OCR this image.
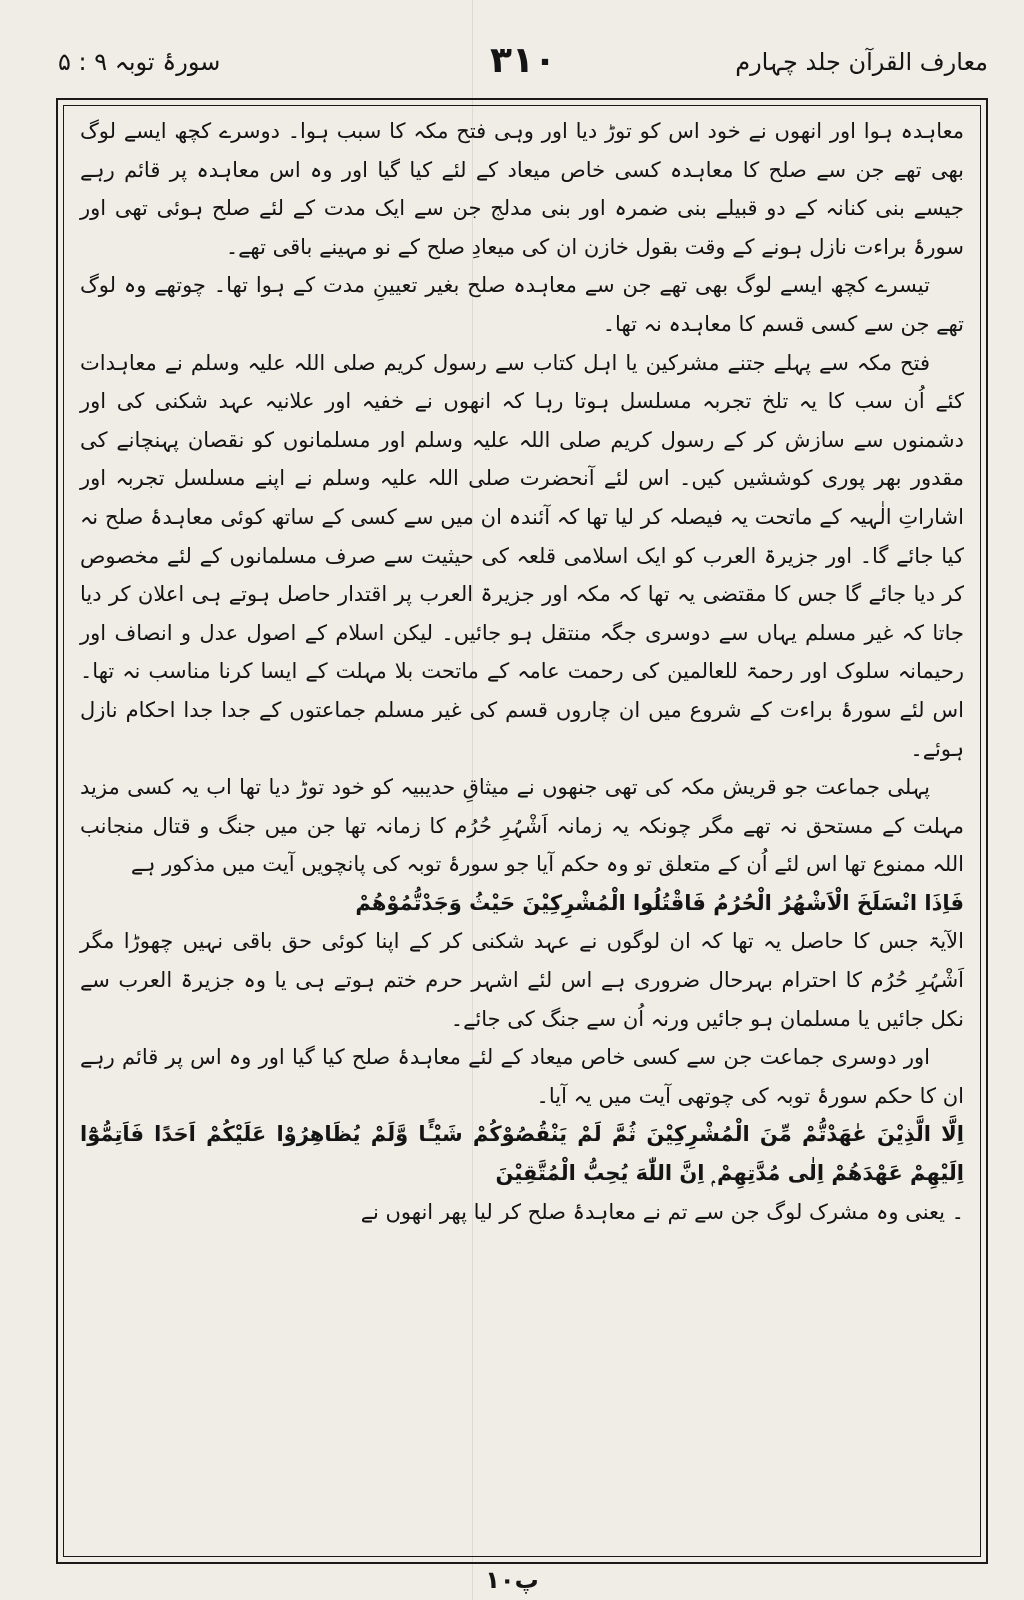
معارف القرآن جلد چہارم
۳۱۰
سورۂ توبہ ۹ : ۵

معاہدہ ہوا اور انھوں نے خود اس کو توڑ دیا اور وہی فتح مکہ کا سبب ہوا۔ دوسرے کچھ ایسے لوگ بھی تھے جن سے صلح کا معاہدہ کسی خاص میعاد کے لئے کیا گیا اور وہ اس معاہدہ پر قائم رہے جیسے بنی کنانہ کے دو قبیلے بنی ضمرہ اور بنی مدلج جن سے ایک مدت کے لئے صلح ہوئی تھی اور سورۂ براءت نازل ہونے کے وقت بقول خازن ان کی میعادِ صلح کے نو مہینے باقی تھے۔

تیسرے کچھ ایسے لوگ بھی تھے جن سے معاہدہ صلح بغیر تعیینِ مدت کے ہوا تھا۔ چوتھے وہ لوگ تھے جن سے کسی قسم کا معاہدہ نہ تھا۔

فتح مکہ سے پہلے جتنے مشرکین یا اہل کتاب سے رسول کریم صلی اللہ علیہ وسلم نے معاہدات کئے اُن سب کا یہ تلخ تجربہ مسلسل ہوتا رہا کہ انھوں نے خفیہ اور علانیہ عہد شکنی کی اور دشمنوں سے سازش کر کے رسول کریم صلی اللہ علیہ وسلم اور مسلمانوں کو نقصان پہنچانے کی مقدور بھر پوری کوششیں کیں۔ اس لئے آنحضرت صلی اللہ علیہ وسلم نے اپنے مسلسل تجربہ اور اشاراتِ الٰہیہ کے ماتحت یہ فیصلہ کر لیا تھا کہ آئندہ ان میں سے کسی کے ساتھ کوئی معاہدۂ صلح نہ کیا جائے گا۔ اور جزیرۃ العرب کو ایک اسلامی قلعہ کی حیثیت سے صرف مسلمانوں کے لئے مخصوص کر دیا جائے گا جس کا مقتضی یہ تھا کہ مکہ اور جزیرۃ العرب پر اقتدار حاصل ہوتے ہی اعلان کر دیا جاتا کہ غیر مسلم یہاں سے دوسری جگہ منتقل ہو جائیں۔ لیکن اسلام کے اصول عدل و انصاف اور رحیمانہ سلوک اور رحمۃ للعالمین کی رحمت عامہ کے ماتحت بلا مہلت کے ایسا کرنا مناسب نہ تھا۔ اس لئے سورۂ براءت کے شروع میں ان چاروں قسم کی غیر مسلم جماعتوں کے جدا جدا احکام نازل ہوئے۔

پہلی جماعت جو قریش مکہ کی تھی جنھوں نے میثاقِ حدیبیہ کو خود توڑ دیا تھا اب یہ کسی مزید مہلت کے مستحق نہ تھے مگر چونکہ یہ زمانہ اَشْہُرِ حُرُم کا زمانہ تھا جن میں جنگ و قتال منجانب اللہ ممنوع تھا اس لئے اُن کے متعلق تو وہ حکم آیا جو سورۂ توبہ کی پانچویں آیت میں مذکور ہے

فَاِذَا انْسَلَخَ الْاَشْهُرُ الْحُرُمُ فَاقْتُلُوا الْمُشْرِكِيْنَ حَيْثُ وَجَدْتُّمُوْهُمْ

الآیۃ جس کا حاصل یہ تھا کہ ان لوگوں نے عہد شکنی کر کے اپنا کوئی حق باقی نہیں چھوڑا مگر اَشْہُرِ حُرُم کا احترام بہرحال ضروری ہے اس لئے اشہر حرم ختم ہوتے ہی یا وہ جزیرۃ العرب سے نکل جائیں یا مسلمان ہو جائیں ورنہ اُن سے جنگ کی جائے۔

اور دوسری جماعت جن سے کسی خاص میعاد کے لئے معاہدۂ صلح کیا گیا اور وہ اس پر قائم رہے ان کا حکم سورۂ توبہ کی چوتھی آیت میں یہ آیا۔

اِلَّا الَّذِيْنَ عٰهَدْتُّمْ مِّنَ الْمُشْرِكِيْنَ ثُمَّ لَمْ يَنْقُصُوْكُمْ شَيْـًٔا وَّلَمْ يُظَاهِرُوْا عَلَيْكُمْ اَحَدًا فَاَتِمُّوْٓا اِلَيْهِمْ عَهْدَهُمْ اِلٰى مُدَّتِهِمْ ۭ اِنَّ اللّٰهَ يُحِبُّ الْمُتَّقِيْنَ

۔ یعنی وہ مشرک لوگ جن سے تم نے معاہدۂ صلح کر لیا پھر انھوں نے

پ۱۰
